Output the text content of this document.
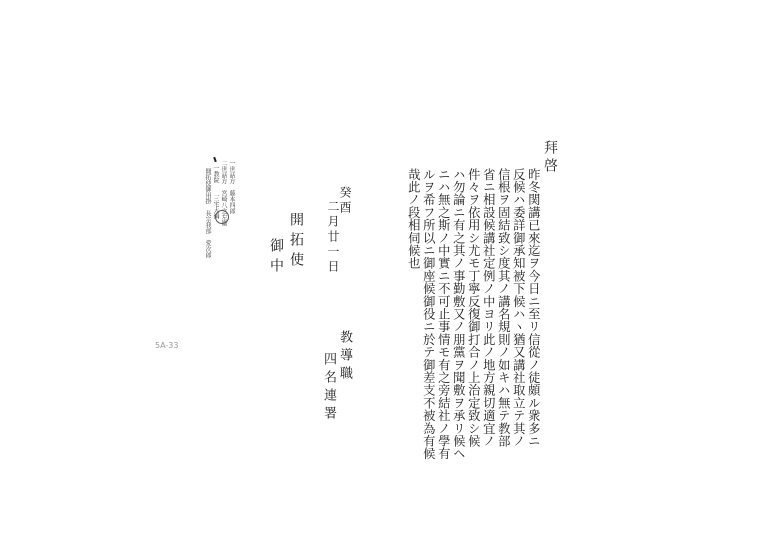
拜啓
昨冬関講已來迄ヲ今日ニ至リ信從ノ徒頗ル衆多ニ
反候ハ委詳御承知被下候ハヽ猶又講社取立テ其ノ
信根ヲ固結致シ度其ノ講名規則ノ如キハ無テ教部
省ニ相設候講社定例ノ中ヨリ此ノ地方親切適宜ノ
件々ヲ依用シ尤モ丁寧反復御打合ノ上治定致シ候
ハ勿論ニ有之其ノ事勤敷又ノ朋黨ヲ聞敷ヲ承リ候ヘ
ニハ無之斯ノ中實ニ不可止事情モ有之旁結社ノ學有
ルヲ希フ所以ニ御座候御役ニ於テ御差支不被為有候
哉此ノ段相伺候也
教導職
四名連署
癸酉
二月廿一日
開拓使
御中
一世話方　藤本四郎
二世話方　宮崎八之左衞
一教院　　三宅大綱
開拓使御用掛　長宗我部　愛次郎
5A-33
